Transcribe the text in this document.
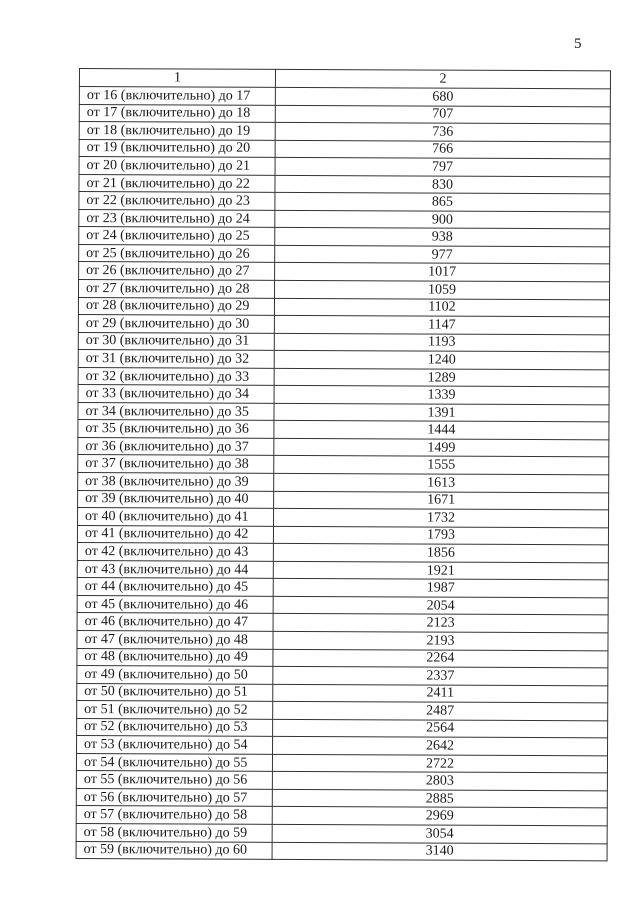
5
1	2
от 16 (включительно) до 17	680
от 17 (включительно) до 18	707
от 18 (включительно) до 19	736
от 19 (включительно) до 20	766
от 20 (включительно) до 21	797
от 21 (включительно) до 22	830
от 22 (включительно) до 23	865
от 23 (включительно) до 24	900
от 24 (включительно) до 25	938
от 25 (включительно) до 26	977
от 26 (включительно) до 27	1017
от 27 (включительно) до 28	1059
от 28 (включительно) до 29	1102
от 29 (включительно) до 30	1147
от 30 (включительно) до 31	1193
от 31 (включительно) до 32	1240
от 32 (включительно) до 33	1289
от 33 (включительно) до 34	1339
от 34 (включительно) до 35	1391
от 35 (включительно) до 36	1444
от 36 (включительно) до 37	1499
от 37 (включительно) до 38	1555
от 38 (включительно) до 39	1613
от 39 (включительно) до 40	1671
от 40 (включительно) до 41	1732
от 41 (включительно) до 42	1793
от 42 (включительно) до 43	1856
от 43 (включительно) до 44	1921
от 44 (включительно) до 45	1987
от 45 (включительно) до 46	2054
от 46 (включительно) до 47	2123
от 47 (включительно) до 48	2193
от 48 (включительно) до 49	2264
от 49 (включительно) до 50	2337
от 50 (включительно) до 51	2411
от 51 (включительно) до 52	2487
от 52 (включительно) до 53	2564
от 53 (включительно) до 54	2642
от 54 (включительно) до 55	2722
от 55 (включительно) до 56	2803
от 56 (включительно) до 57	2885
от 57 (включительно) до 58	2969
от 58 (включительно) до 59	3054
от 59 (включительно) до 60	3140
